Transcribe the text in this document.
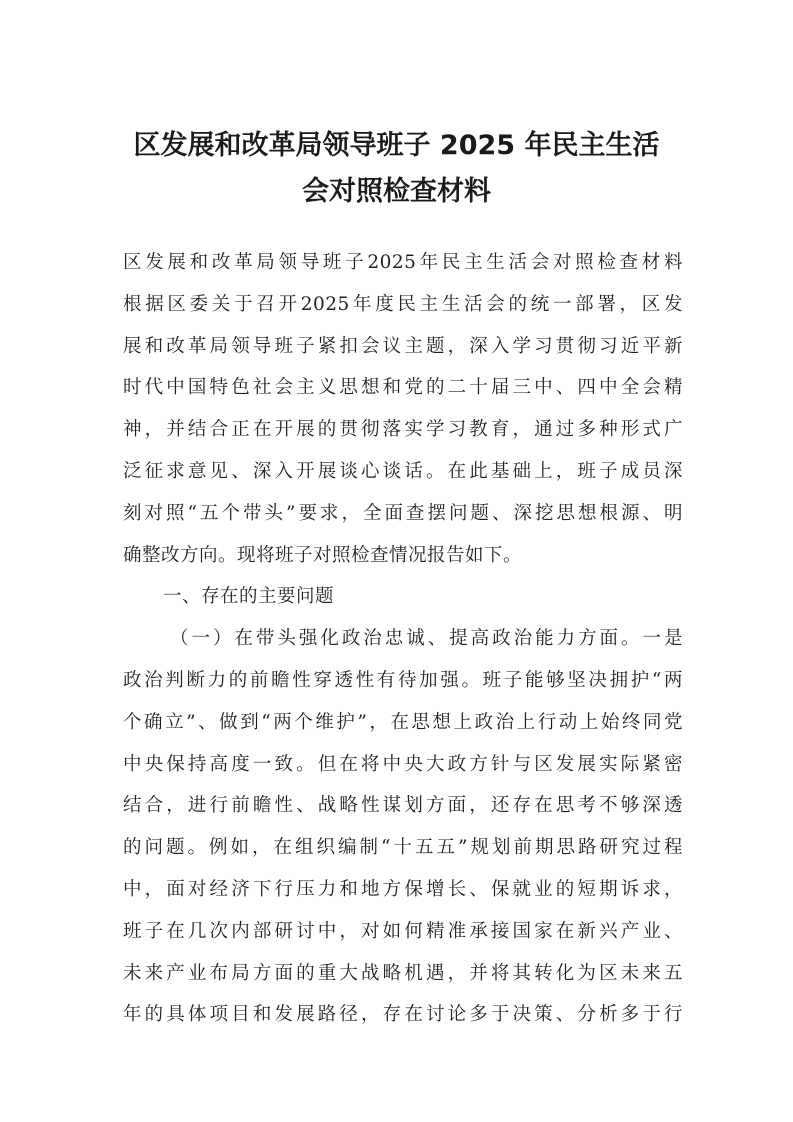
区发展和改革局领导班子 2025 年民主生活
会对照检查材料
区发展和改革局领导班子2025年民主生活会对照检查材料
根据区委关于召开2025年度民主生活会的统一部署，区发
展和改革局领导班子紧扣会议主题，深入学习贯彻习近平新
时代中国特色社会主义思想和党的二十届三中、四中全会精
神，并结合正在开展的贯彻落实学习教育，通过多种形式广
泛征求意见、深入开展谈心谈话。在此基础上，班子成员深
刻对照“五个带头”要求，全面查摆问题、深挖思想根源、明
确整改方向。现将班子对照检查情况报告如下。
一、存在的主要问题
（一）在带头强化政治忠诚、提高政治能力方面。一是
政治判断力的前瞻性穿透性有待加强。班子能够坚决拥护“两
个确立”、做到“两个维护”，在思想上政治上行动上始终同党
中央保持高度一致。但在将中央大政方针与区发展实际紧密
结合，进行前瞻性、战略性谋划方面，还存在思考不够深透
的问题。例如，在组织编制“十五五”规划前期思路研究过程
中，面对经济下行压力和地方保增长、保就业的短期诉求，
班子在几次内部研讨中，对如何精准承接国家在新兴产业、
未来产业布局方面的重大战略机遇，并将其转化为区未来五
年的具体项目和发展路径，存在讨论多于决策、分析多于行
